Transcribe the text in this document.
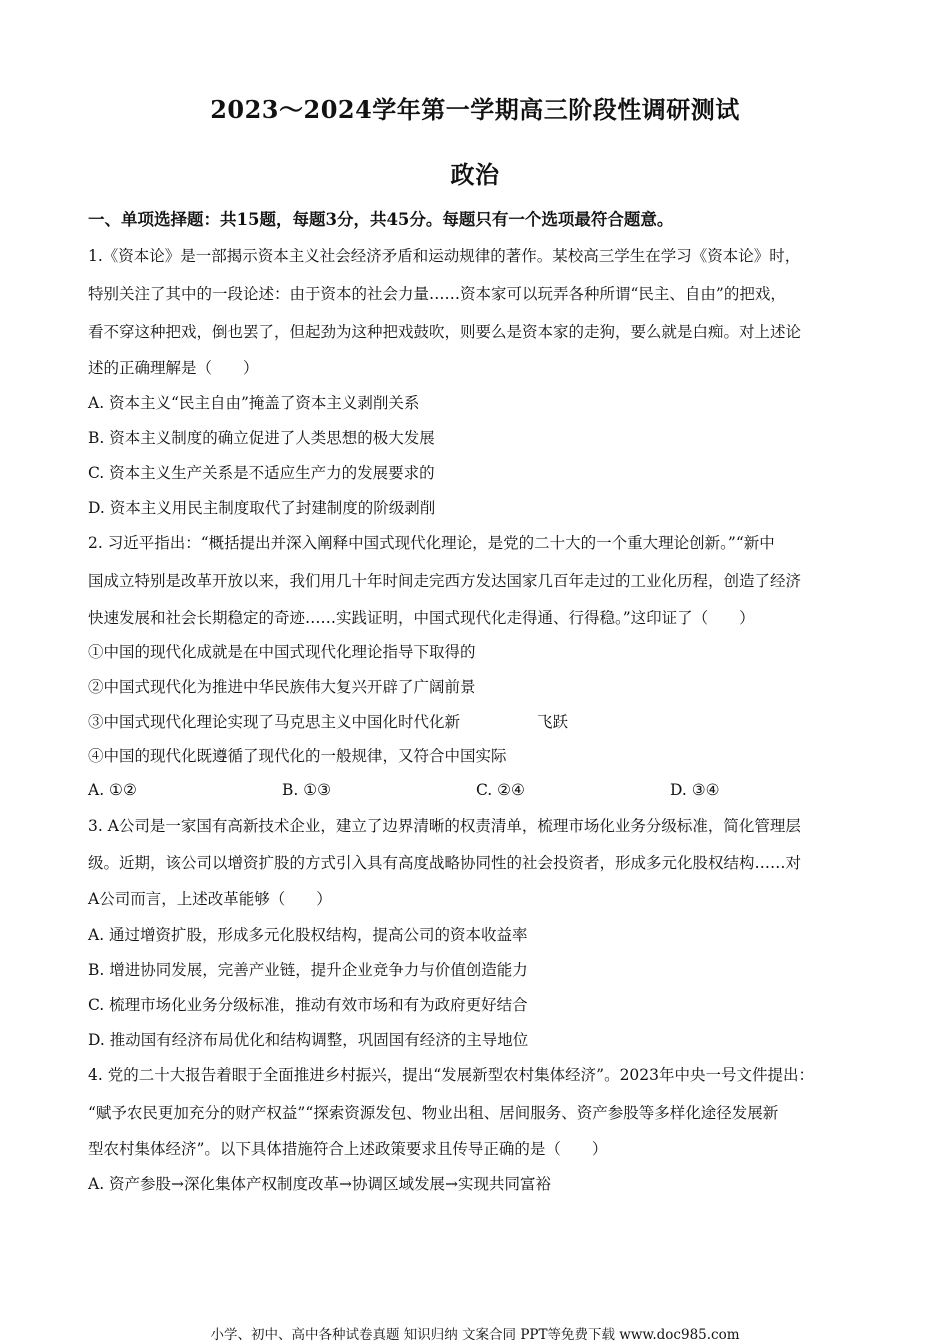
2023～2024学年第一学期高三阶段性调研测试
政治
一、单项选择题：共15题，每题3分，共45分。每题只有一个选项最符合题意。
1.《资本论》是一部揭示资本主义社会经济矛盾和运动规律的著作。某校高三学生在学习《资本论》时，
特别关注了其中的一段论述：由于资本的社会力量……资本家可以玩弄各种所谓“民主、自由”的把戏，
看不穿这种把戏，倒也罢了，但起劲为这种把戏鼓吹，则要么是资本家的走狗，要么就是白痴。对上述论
述的正确理解是（　　）
A. 资本主义“民主自由”掩盖了资本主义剥削关系
B. 资本主义制度的确立促进了人类思想的极大发展
C. 资本主义生产关系是不适应生产力的发展要求的
D. 资本主义用民主制度取代了封建制度的阶级剥削
2. 习近平指出：“概括提出并深入阐释中国式现代化理论，是党的二十大的一个重大理论创新。”“新中
国成立特别是改革开放以来，我们用几十年时间走完西方发达国家几百年走过的工业化历程，创造了经济
快速发展和社会长期稳定的奇迹……实践证明，中国式现代化走得通、行得稳。”这印证了（　　）
①中国的现代化成就是在中国式现代化理论指导下取得的
②中国式现代化为推进中华民族伟大复兴开辟了广阔前景
③中国式现代化理论实现了马克思主义中国化时代化新	飞跃
④中国的现代化既遵循了现代化的一般规律，又符合中国实际
A. ①②	B. ①③	C. ②④	D. ③④
3. A公司是一家国有高新技术企业，建立了边界清晰的权责清单，梳理市场化业务分级标准，简化管理层
级。近期，该公司以增资扩股的方式引入具有高度战略协同性的社会投资者，形成多元化股权结构……对
A公司而言，上述改革能够（　　）
A. 通过增资扩股，形成多元化股权结构，提高公司的资本收益率
B. 增进协同发展，完善产业链，提升企业竞争力与价值创造能力
C. 梳理市场化业务分级标准，推动有效市场和有为政府更好结合
D. 推动国有经济布局优化和结构调整，巩固国有经济的主导地位
4. 党的二十大报告着眼于全面推进乡村振兴，提出“发展新型农村集体经济”。2023年中央一号文件提出：
“赋予农民更加充分的财产权益”“探索资源发包、物业出租、居间服务、资产参股等多样化途径发展新
型农村集体经济”。以下具体措施符合上述政策要求且传导正确的是（　　）
A. 资产参股→深化集体产权制度改革→协调区域发展→实现共同富裕
小学、初中、高中各种试卷真题 知识归纳 文案合同 PPT等免费下载 www.doc985.com
